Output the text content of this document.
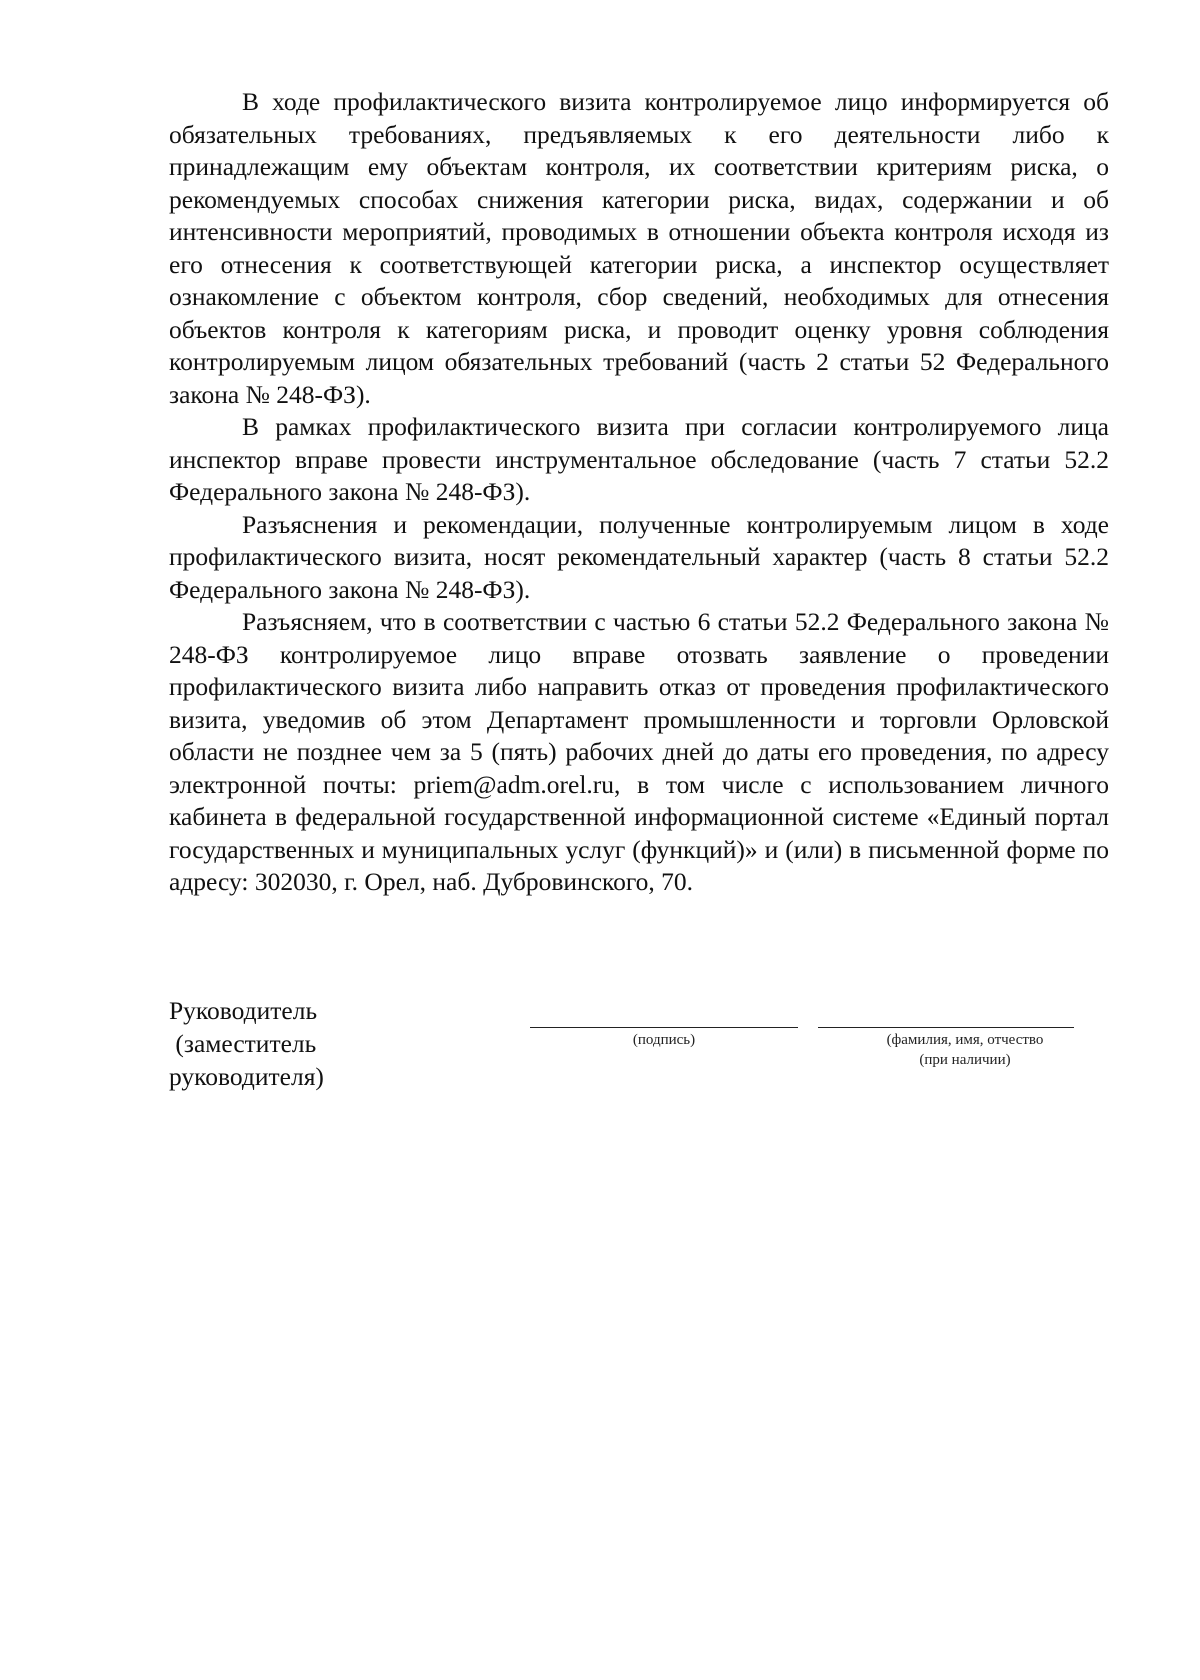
В ходе профилактического визита контролируемое лицо информируется об обязательных требованиях, предъявляемых к его деятельности либо к принадлежащим ему объектам контроля, их соответствии критериям риска, о рекомендуемых способах снижения категории риска, видах, содержании и об интенсивности мероприятий, проводимых в отношении объекта контроля исходя из его отнесения к соответствующей категории риска, а инспектор осуществляет ознакомление с объектом контроля, сбор сведений, необходимых для отнесения объектов контроля к категориям риска, и проводит оценку уровня соблюдения контролируемым лицом обязательных требований (часть 2 статьи 52 Федерального закона № 248-ФЗ).

В рамках профилактического визита при согласии контролируемого лица инспектор вправе провести инструментальное обследование (часть 7 статьи 52.2 Федерального закона № 248-ФЗ).

Разъяснения и рекомендации, полученные контролируемым лицом в ходе профилактического визита, носят рекомендательный характер (часть 8 статьи 52.2 Федерального закона № 248-ФЗ).

Разъясняем, что в соответствии с частью 6 статьи 52.2 Федерального закона № 248-ФЗ контролируемое лицо вправе отозвать заявление о проведении профилактического визита либо направить отказ от проведения профилактического визита, уведомив об этом Департамент промышленности и торговли Орловской области не позднее чем за 5 (пять) рабочих дней до даты его проведения, по адресу электронной почты: priem@adm.orel.ru, в том числе с использованием личного кабинета в федеральной государственной информационной системе «Единый портал государственных и муниципальных услуг (функций)» и (или) в письменной форме по адресу: 302030, г. Орел, наб. Дубровинского, 70.

Руководитель
(заместитель
руководителя)
(подпись)	(фамилия, имя, отчество
(при наличии)
